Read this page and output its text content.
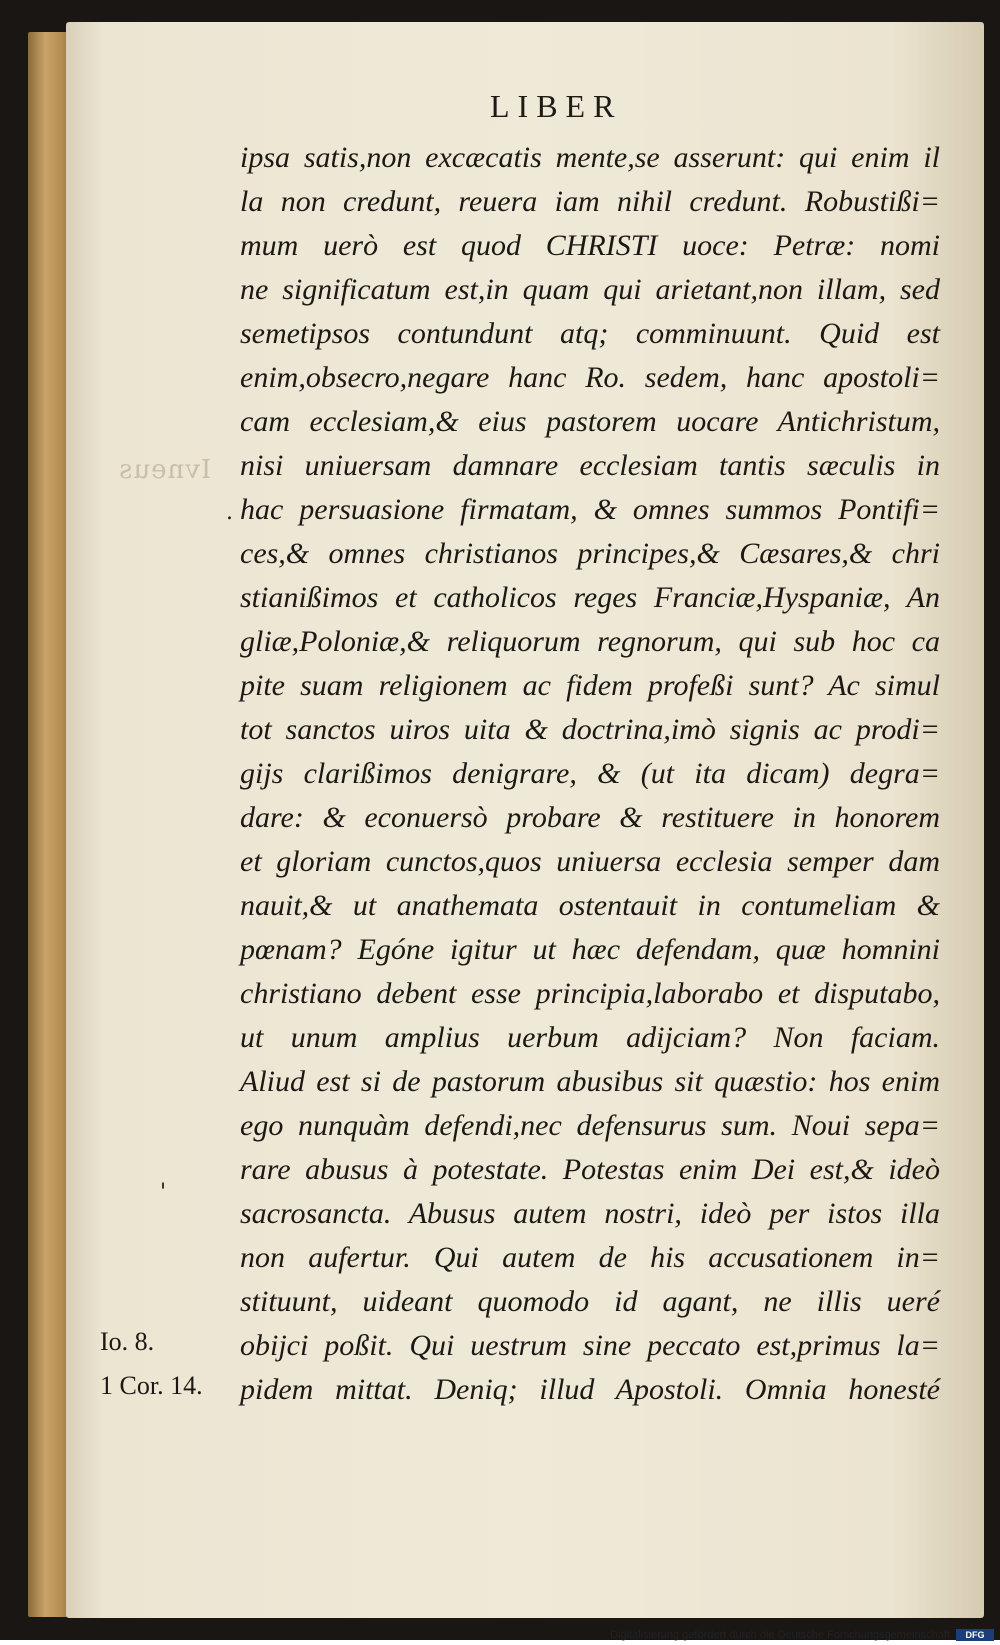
Ivneus
LIBER
ipsa satis,non excæcatis mente,se asserunt: qui enim il
la non credunt, reuera iam nihil credunt. Robustißi=
mum uerò est quod CHRISTI uoce: Petræ: nomi
ne significatum est,in quam qui arietant,non illam, sed
semetipsos contundunt atq; comminuunt. Quid est
enim,obsecro,negare hanc Ro. sedem, hanc apostoli=
cam ecclesiam,& eius pastorem uocare Antichristum,
nisi uniuersam damnare ecclesiam tantis sæculis in
hac persuasione firmatam, & omnes summos Pontifi=
ces,& omnes christianos principes,& Cæsares,& chri
stianißimos et catholicos reges Franciæ,Hyspaniæ, An
gliæ,Poloniæ,& reliquorum regnorum, qui sub hoc ca
pite suam religionem ac fidem profeßi sunt? Ac simul
tot sanctos uiros uita & doctrina,imò signis ac prodi=
gijs clarißimos denigrare, & (ut ita dicam) degra=
dare: & econuersò probare & restituere in honorem
et gloriam cunctos,quos uniuersa ecclesia semper dam
nauit,& ut anathemata ostentauit in contumeliam &
pœnam? Egóne igitur ut hæc defendam, quæ homnini
christiano debent esse principia,laborabo et disputabo,
ut unum amplius uerbum adijciam? Non faciam.
Aliud est si de pastorum abusibus sit quæstio: hos enim
ego nunquàm defendi,nec defensurus sum. Noui sepa=
rare abusus à potestate. Potestas enim Dei est,& ideò
sacrosancta. Abusus autem nostri, ideò per istos illa
non aufertur. Qui autem de his accusationem in=
stituunt, uideant quomodo id agant, ne illis ueré
obijci poßit. Qui uestrum sine peccato est,primus la=
pidem mittat. Deniq; illud Apostoli. Omnia honesté
'
.
Io. 8.
1 Cor. 14.
Digitalisierung gefördert durch die Deutsche Forschungsgemeinschaft	DFG
